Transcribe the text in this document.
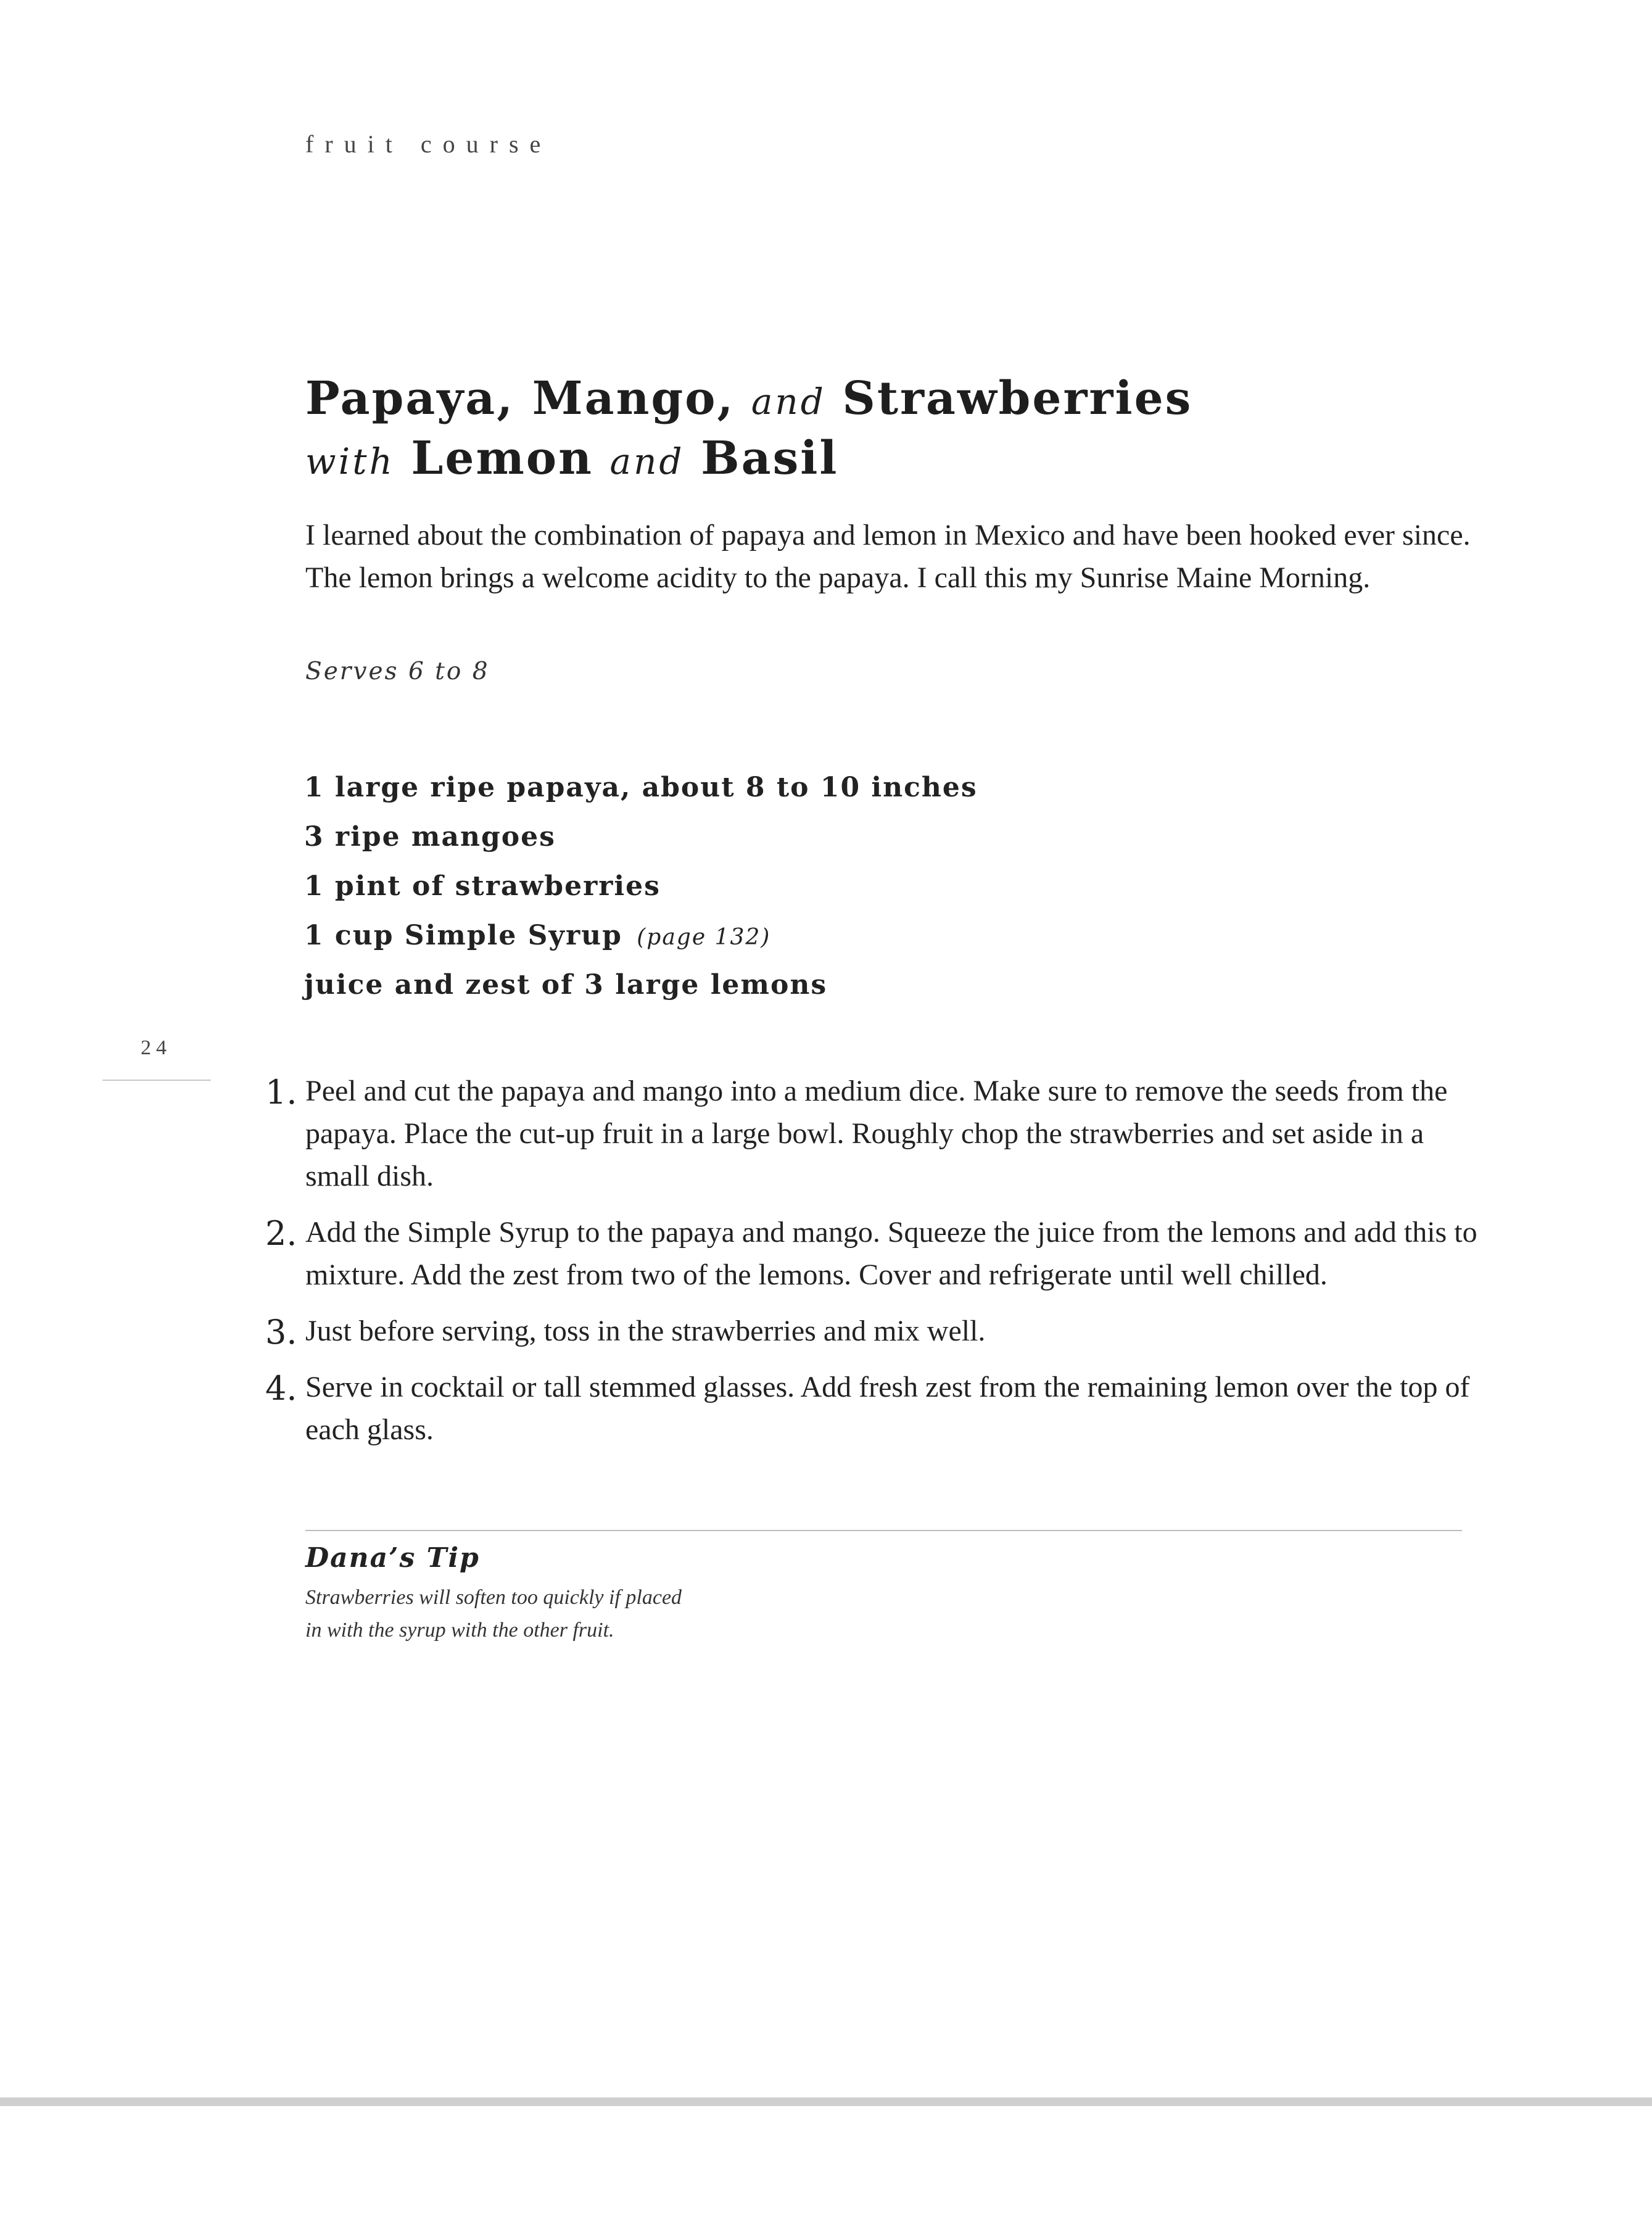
fruit course
Papaya, Mango, and Strawberries
with Lemon and Basil

I learned about the combination of papaya and lemon in Mexico and have been hooked ever since. The lemon brings a welcome acidity to the papaya. I call this my Sunrise Maine Morning.

Serves 6 to 8

1 large ripe papaya, about 8 to 10 inches
3 ripe mangoes
1 pint of strawberries
1 cup Simple Syrup (page 132)
juice and zest of 3 large lemons
24
1. Peel and cut the papaya and mango into a medium dice. Make sure to remove the seeds from the papaya. Place the cut-up fruit in a large bowl. Roughly chop the strawberries and set aside in a small dish.
2. Add the Simple Syrup to the papaya and mango. Squeeze the juice from the lemons and add this to mixture. Add the zest from two of the lemons. Cover and refrigerate until well chilled.
3. Just before serving, toss in the strawberries and mix well.
4. Serve in cocktail or tall stemmed glasses. Add fresh zest from the remaining lemon over the top of each glass.
Dana’s Tip

Strawberries will soften too quickly if placed
in with the syrup with the other fruit.
